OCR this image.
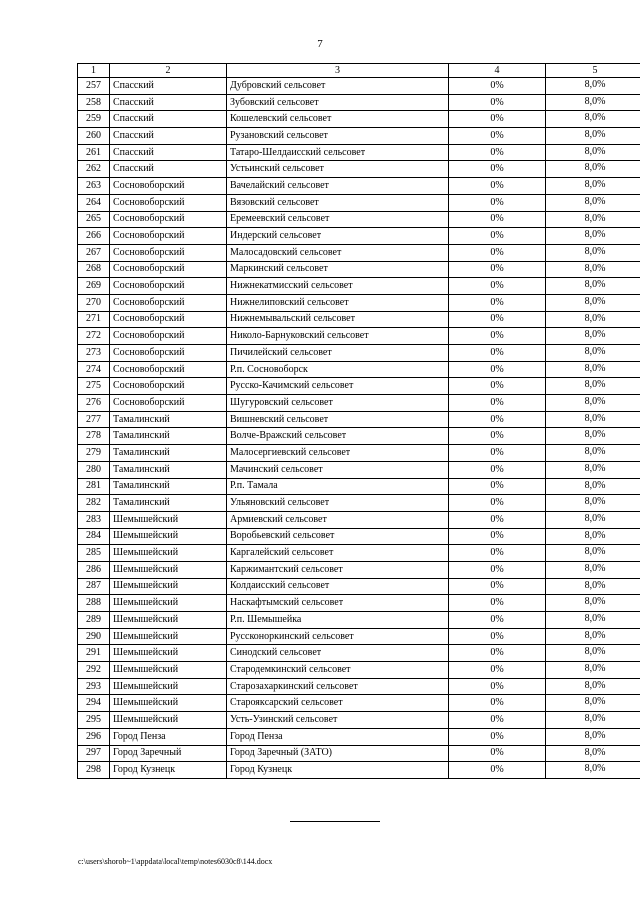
7
1	2	3	4	5
257	Спасский	Дубровский сельсовет	0%	8,0%
258	Спасский	Зубовский сельсовет	0%	8,0%
259	Спасский	Кошелевский сельсовет	0%	8,0%
260	Спасский	Рузановский сельсовет	0%	8,0%
261	Спасский	Татаро-Шелдаисский сельсовет	0%	8,0%
262	Спасский	Устьинский сельсовет	0%	8,0%
263	Сосновоборский	Вачелайский сельсовет	0%	8,0%
264	Сосновоборский	Вязовский сельсовет	0%	8,0%
265	Сосновоборский	Еремеевский сельсовет	0%	8,0%
266	Сосновоборский	Индерский сельсовет	0%	8,0%
267	Сосновоборский	Малосадовский сельсовет	0%	8,0%
268	Сосновоборский	Маркинский сельсовет	0%	8,0%
269	Сосновоборский	Нижнекатмисский сельсовет	0%	8,0%
270	Сосновоборский	Нижнелиповский сельсовет	0%	8,0%
271	Сосновоборский	Нижнемывальский сельсовет	0%	8,0%
272	Сосновоборский	Николо-Барнуковский сельсовет	0%	8,0%
273	Сосновоборский	Пичилейский сельсовет	0%	8,0%
274	Сосновоборский	Р.п. Сосновоборск	0%	8,0%
275	Сосновоборский	Русско-Качимский сельсовет	0%	8,0%
276	Сосновоборский	Шугуровский сельсовет	0%	8,0%
277	Тамалинский	Вишневский сельсовет	0%	8,0%
278	Тамалинский	Волче-Вражский сельсовет	0%	8,0%
279	Тамалинский	Малосергиевский сельсовет	0%	8,0%
280	Тамалинский	Мачинский сельсовет	0%	8,0%
281	Тамалинский	Р.п. Тамала	0%	8,0%
282	Тамалинский	Ульяновский сельсовет	0%	8,0%
283	Шемышейский	Армиевский сельсовет	0%	8,0%
284	Шемышейский	Воробьевский сельсовет	0%	8,0%
285	Шемышейский	Каргалейский сельсовет	0%	8,0%
286	Шемышейский	Каржимантский сельсовет	0%	8,0%
287	Шемышейский	Колдаисский сельсовет	0%	8,0%
288	Шемышейский	Наскафтымский сельсовет	0%	8,0%
289	Шемышейский	Р.п. Шемышейка	0%	8,0%
290	Шемышейский	Руссконоркинский сельсовет	0%	8,0%
291	Шемышейский	Синодский сельсовет	0%	8,0%
292	Шемышейский	Стародемкинский сельсовет	0%	8,0%
293	Шемышейский	Старозахаркинский сельсовет	0%	8,0%
294	Шемышейский	Староякcарский сельсовет	0%	8,0%
295	Шемышейский	Усть-Узинский сельсовет	0%	8,0%
296	Город Пенза	Город Пенза	0%	8,0%
297	Город Заречный	Город Заречный (ЗАТО)	0%	8,0%
298	Город Кузнецк	Город Кузнецк	0%	8,0%
c:\users\shorob~1\appdata\local\temp\notes6030c8\144.docx
